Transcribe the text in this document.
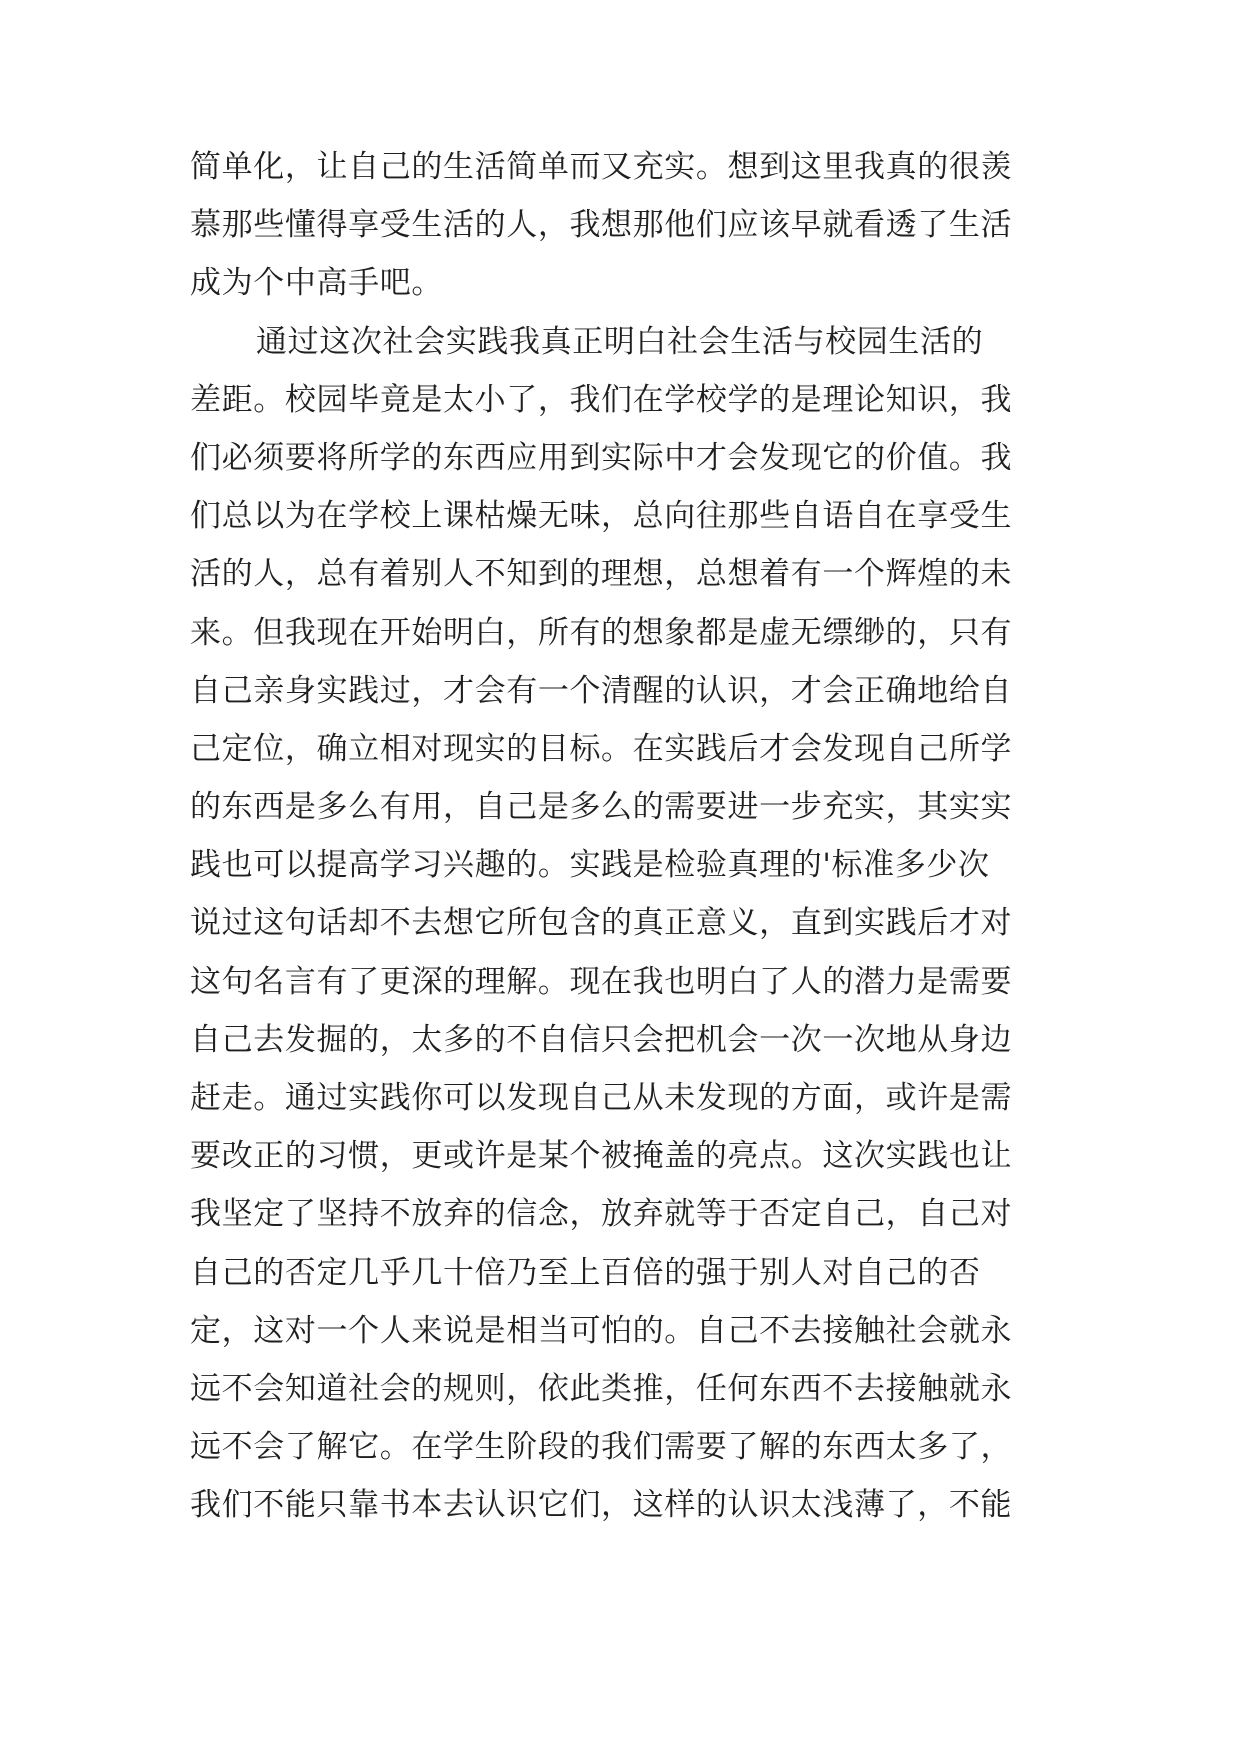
简单化，让自己的生活简单而又充实。想到这里我真的很羡
慕那些懂得享受生活的人，我想那他们应该早就看透了生活
成为个中高手吧。
通过这次社会实践我真正明白社会生活与校园生活的
差距。校园毕竟是太小了，我们在学校学的是理论知识，我
们必须要将所学的东西应用到实际中才会发现它的价值。我
们总以为在学校上课枯燥无味，总向往那些自语自在享受生
活的人，总有着别人不知到的理想，总想着有一个辉煌的未
来。但我现在开始明白，所有的想象都是虚无缥缈的，只有
自己亲身实践过，才会有一个清醒的认识，才会正确地给自
己定位，确立相对现实的目标。在实践后才会发现自己所学
的东西是多么有用，自己是多么的需要进一步充实，其实实
践也可以提高学习兴趣的。实践是检验真理的'标准多少次
说过这句话却不去想它所包含的真正意义，直到实践后才对
这句名言有了更深的理解。现在我也明白了人的潜力是需要
自己去发掘的，太多的不自信只会把机会一次一次地从身边
赶走。通过实践你可以发现自己从未发现的方面，或许是需
要改正的习惯，更或许是某个被掩盖的亮点。这次实践也让
我坚定了坚持不放弃的信念，放弃就等于否定自己，自己对
自己的否定几乎几十倍乃至上百倍的强于别人对自己的否
定，这对一个人来说是相当可怕的。自己不去接触社会就永
远不会知道社会的规则，依此类推，任何东西不去接触就永
远不会了解它。在学生阶段的我们需要了解的东西太多了，
我们不能只靠书本去认识它们，这样的认识太浅薄了，不能
